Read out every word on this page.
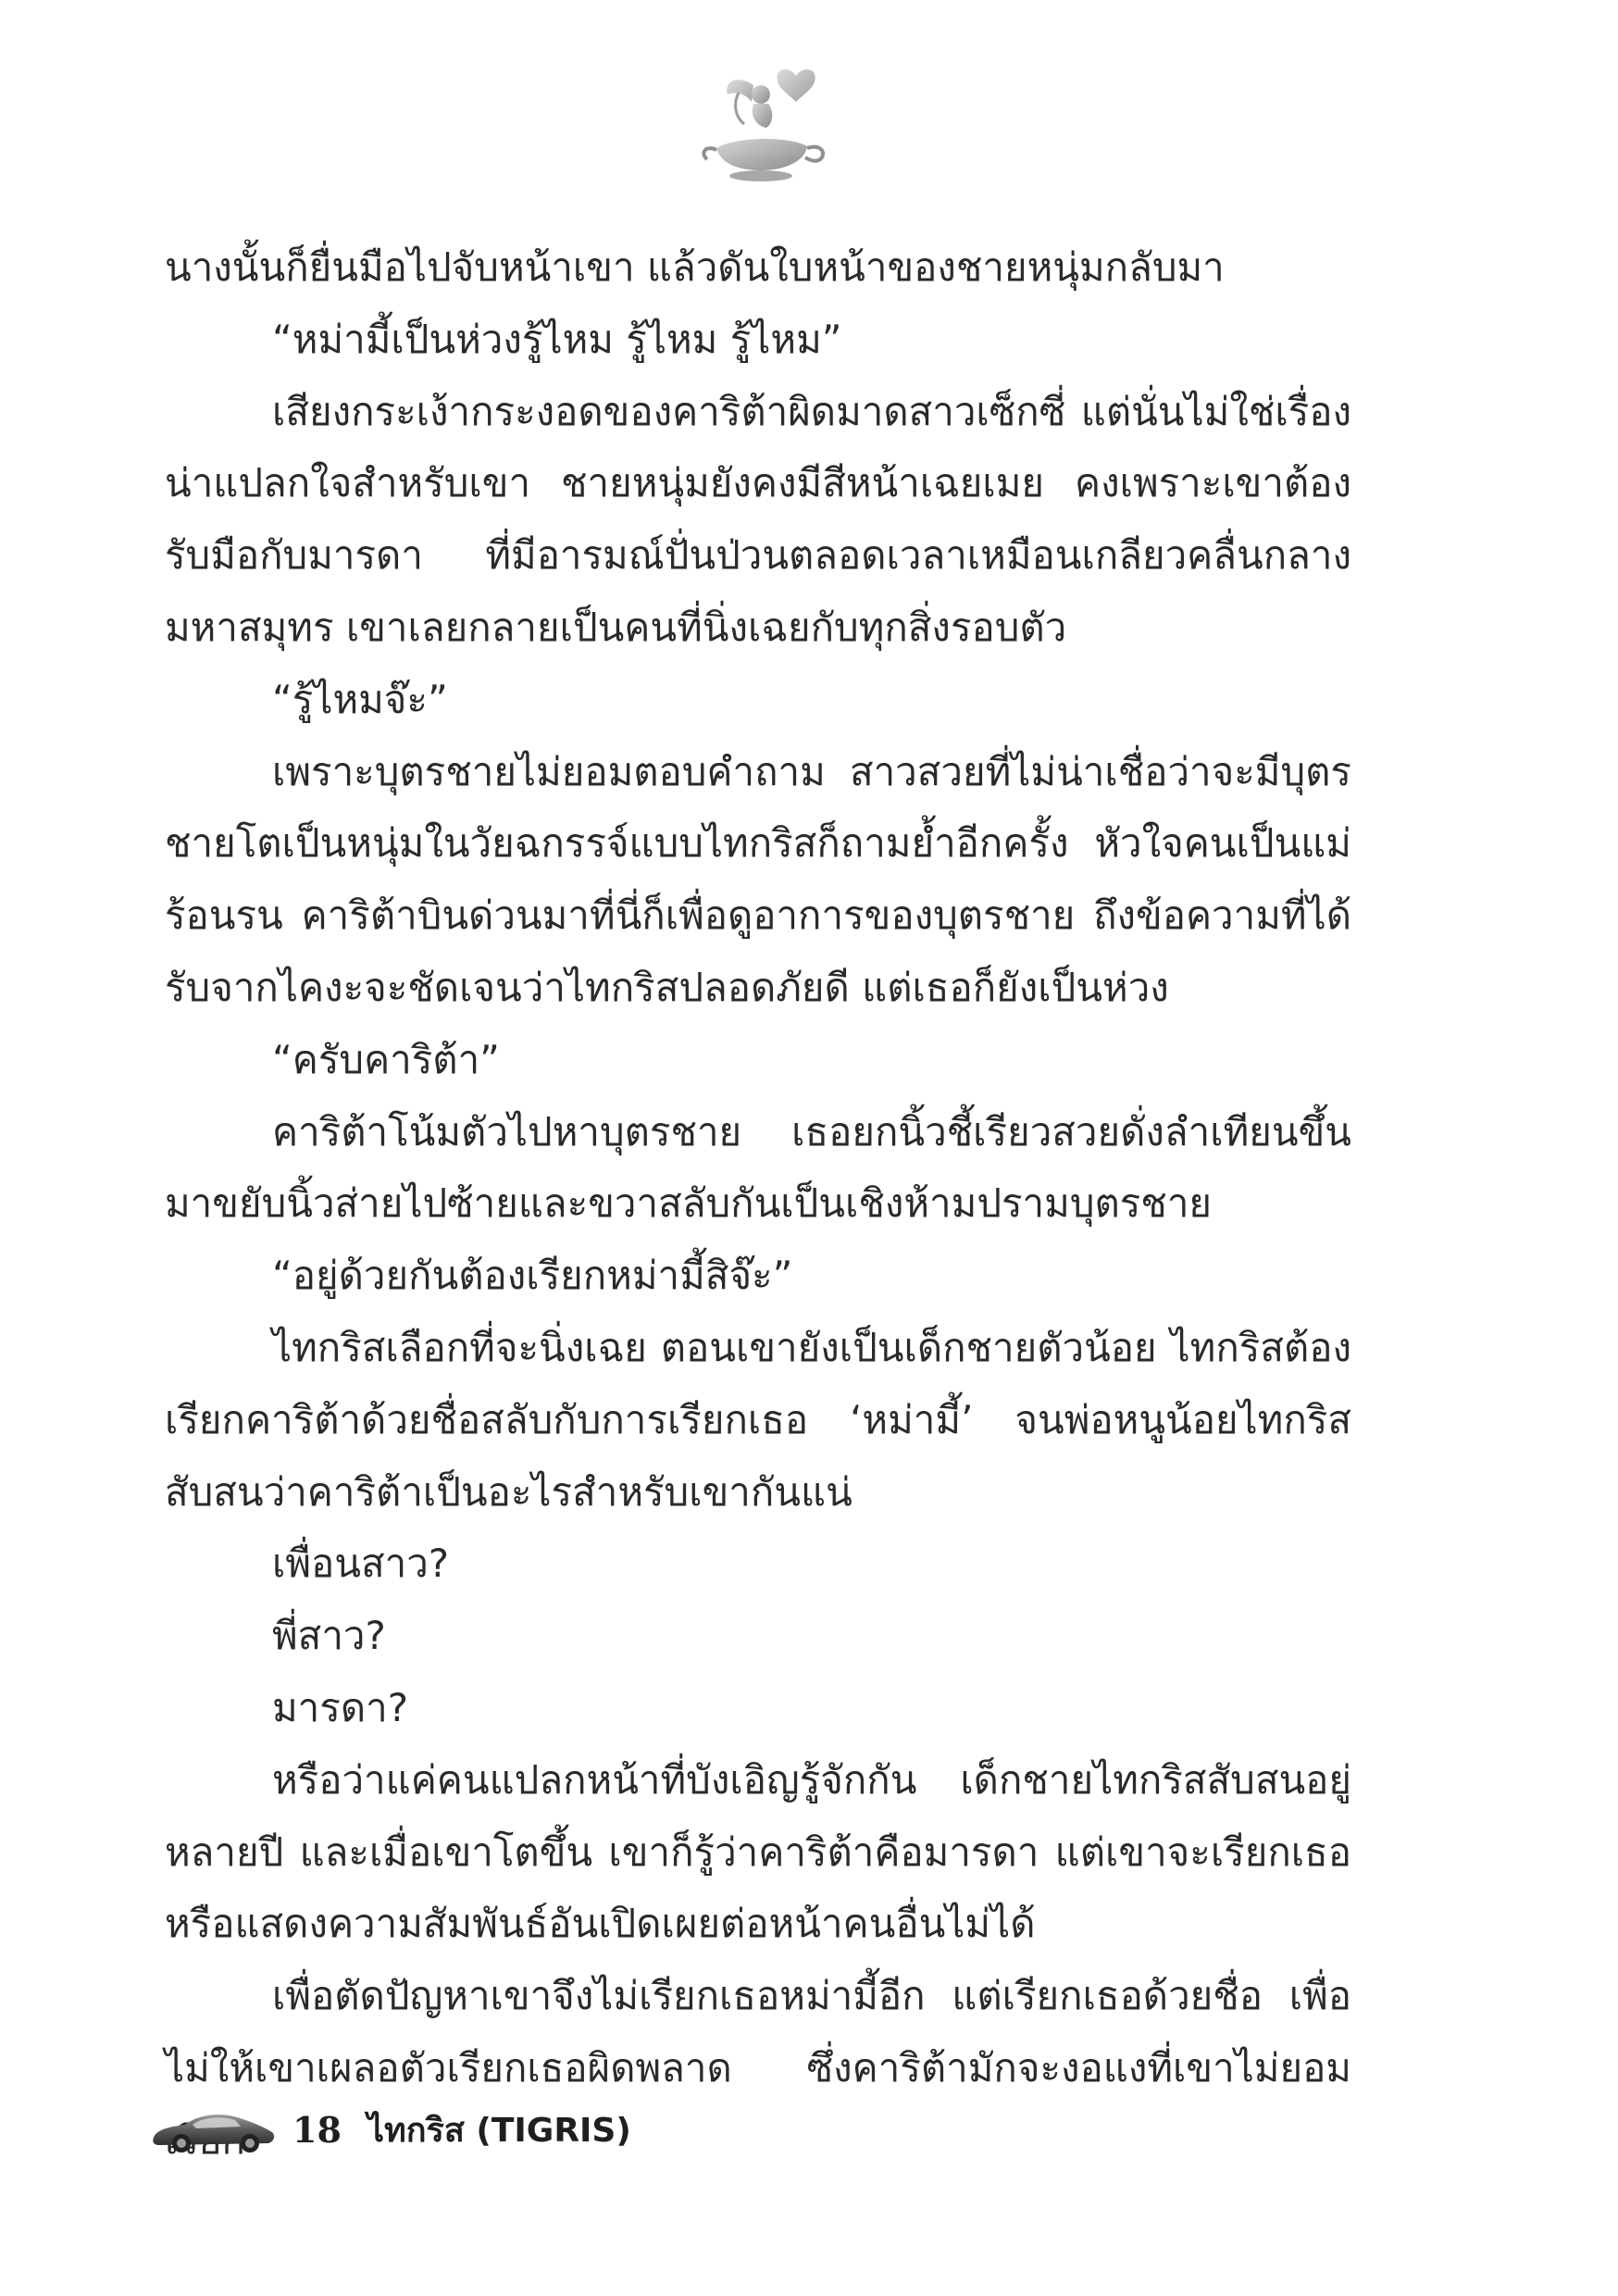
นางนั้นก็ยื่นมือไปจับหน้าเขา แล้วดันใบหน้าของชายหนุ่มกลับมา

“หม่ามี้เป็นห่วงรู้ไหม รู้ไหม รู้ไหม”

เสียงกระเง้ากระงอดของคาริต้าผิดมาดสาวเซ็กซี่ แต่นั่นไม่ใช่เรื่องน่าแปลกใจสำหรับเขา ชายหนุ่มยังคงมีสีหน้าเฉยเมย คงเพราะเขาต้องรับมือกับมารดา ที่มีอารมณ์ปั่นป่วนตลอดเวลาเหมือนเกลียวคลื่นกลางมหาสมุทร เขาเลยกลายเป็นคนที่นิ่งเฉยกับทุกสิ่งรอบตัว

“รู้ไหมจ๊ะ”

เพราะบุตรชายไม่ยอมตอบคำถาม สาวสวยที่ไม่น่าเชื่อว่าจะมีบุตรชายโตเป็นหนุ่มในวัยฉกรรจ์แบบไทกริสก็ถามย้ำอีกครั้ง หัวใจคนเป็นแม่ร้อนรน คาริต้าบินด่วนมาที่นี่ก็เพื่อดูอาการของบุตรชาย ถึงข้อความที่ได้รับจากไคงะจะชัดเจนว่าไทกริสปลอดภัยดี แต่เธอก็ยังเป็นห่วง

“ครับคาริต้า”

คาริต้าโน้มตัวไปหาบุตรชาย เธอยกนิ้วชี้เรียวสวยดั่งลำเทียนขึ้นมาขยับนิ้วส่ายไปซ้ายและขวาสลับกันเป็นเชิงห้ามปรามบุตรชาย

“อยู่ด้วยกันต้องเรียกหม่ามี้สิจ๊ะ”

ไทกริสเลือกที่จะนิ่งเฉย ตอนเขายังเป็นเด็กชายตัวน้อย ไทกริสต้องเรียกคาริต้าด้วยชื่อสลับกับการเรียกเธอ ‘หม่ามี้’ จนพ่อหนูน้อยไทกริสสับสนว่าคาริต้าเป็นอะไรสำหรับเขากันแน่

เพื่อนสาว?

พี่สาว?

มารดา?

หรือว่าแค่คนแปลกหน้าที่บังเอิญรู้จักกัน เด็กชายไทกริสสับสนอยู่หลายปี และเมื่อเขาโตขึ้น เขาก็รู้ว่าคาริต้าคือมารดา แต่เขาจะเรียกเธอหรือแสดงความสัมพันธ์อันเปิดเผยต่อหน้าคนอื่นไม่ได้

เพื่อตัดปัญหาเขาจึงไม่เรียกเธอหม่ามี้อีก แต่เรียกเธอด้วยชื่อ เพื่อไม่ให้เขาเผลอตัวเรียกเธอผิดพลาด ซึ่งคาริต้ามักจะงอแงที่เขาไม่ยอม

18 ไทกริส (TIGRIS)
